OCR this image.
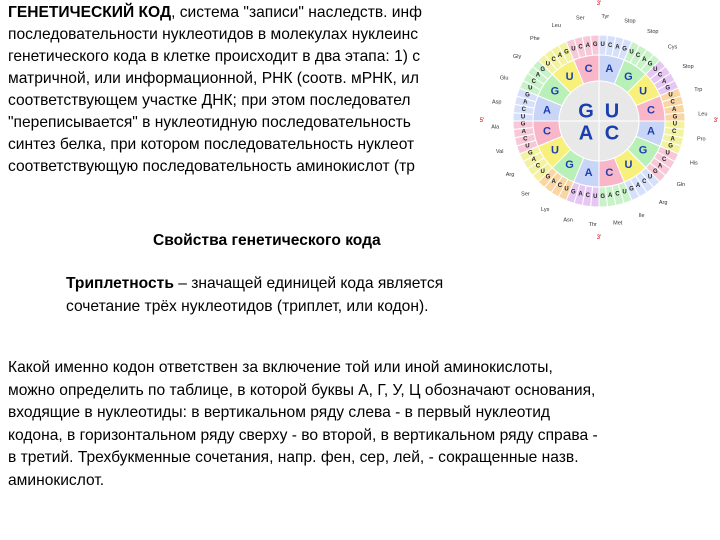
ГЕНЕТИЧЕСКИЙ КОД, система "записи" наследств. инф
последовательности нуклеотидов в молекулах нуклеинс
генетического кода в клетке происходит в два этапа: 1) с
матричной, или информационной, РНК (соотв. мРНК, ил
соответствующем участке ДНК; при этом последовател
"переписывается" в нуклеотидную последовательность
синтез белка, при котором последовательность нуклеот
соответствующую последовательность аминокислот (тр
Phe
Leu
Ser	Tyr
Stop
Stop
Cys
Stop
Trp
Leu
Pro
His
Gln
Arg
Ile
Met
Thr
Asn
Lys
Ser
Arg
Val
Ala
Asp
Glu
Gly
U
C
A
G U C A G U C A G U
C
A
G
U
C
A
G
U
C
A
G
U
C
A
G
U
C
A
G
U
C
A
G
U
C
A
G
U
C
A
G
U
C
A
G
U
C
A
G
U
C
A
G
U
C
A
G
U
C
A
G
U
C A
G
U
C
A
G
U
C
A
G
U
C
A
G
G U
A C
3'
5'	3'
3'
Свойства генетического кода
Триплетность – значащей единицей кода является
сочетание трёх нуклеотидов (триплет, или кодон).
Какой именно кодон ответствен за включение той или иной аминокислоты,
можно определить по таблице, в которой буквы А, Г, У, Ц обозначают основания,
входящие в нуклеотиды: в вертикальном ряду слева - в первый нуклеотид
кодона, в горизонтальном ряду сверху - во второй, в вертикальном ряду справа -
в третий. Трехбукменные сочетания, напр. фен, сер, лей, - сокращенные назв.
аминокислот.
